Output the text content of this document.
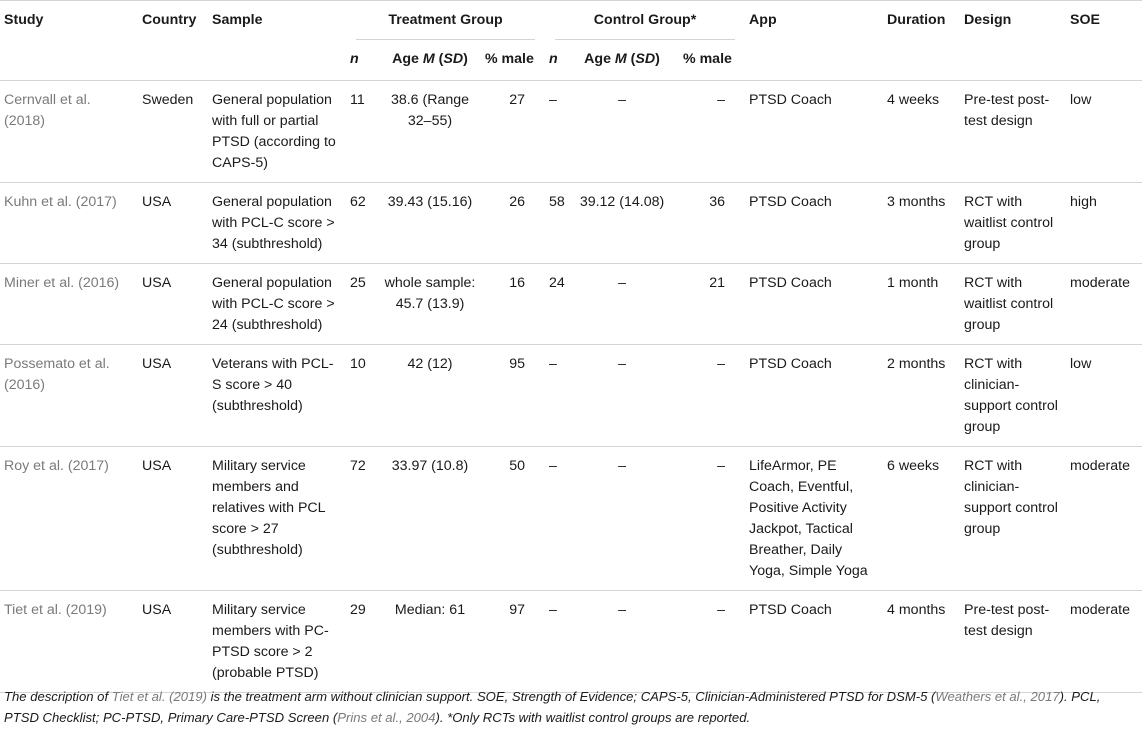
Study	Country	Sample	Treatment Group			Control Group*			App	Duration	Design	SOE
			n	Age M (SD)	% male	n	Age M (SD)	% male				
Cernvall et al. (2018)	Sweden	General population with full or partial PTSD (according to CAPS-5)	11	38.6 (Range 32–55)	27	–	–	–	PTSD Coach	4 weeks	Pre-test post-test design	low
Kuhn et al. (2017)	USA	General population with PCL-C score > 34 (subthreshold)	62	39.43 (15.16)	26	58	39.12 (14.08)	36	PTSD Coach	3 months	RCT with waitlist control group	high
Miner et al. (2016)	USA	General population with PCL-C score > 24 (subthreshold)	25	whole sample: 45.7 (13.9)	16	24	–	21	PTSD Coach	1 month	RCT with waitlist control group	moderate
Possemato et al. (2016)	USA	Veterans with PCL-S score > 40 (subthreshold)	10	42 (12)	95	–	–	–	PTSD Coach	2 months	RCT with clinician-support control group	low
Roy et al. (2017)	USA	Military service members and relatives with PCL score > 27 (subthreshold)	72	33.97 (10.8)	50	–	–	–	LifeArmor, PE Coach, Eventful, Positive Activity Jackpot, Tactical Breather, Daily Yoga, Simple Yoga	6 weeks	RCT with clinician-support control group	moderate
Tiet et al. (2019)	USA	Military service members with PC-PTSD score > 2 (probable PTSD)	29	Median: 61	97	–	–	–	PTSD Coach	4 months	Pre-test post-test design	moderate
The description of Tiet et al. (2019) is the treatment arm without clinician support. SOE, Strength of Evidence; CAPS-5, Clinician-Administered PTSD for DSM-5 (Weathers et al., 2017). PCL, PTSD Checklist; PC-PTSD, Primary Care-PTSD Screen (Prins et al., 2004). *Only RCTs with waitlist control groups are reported.
